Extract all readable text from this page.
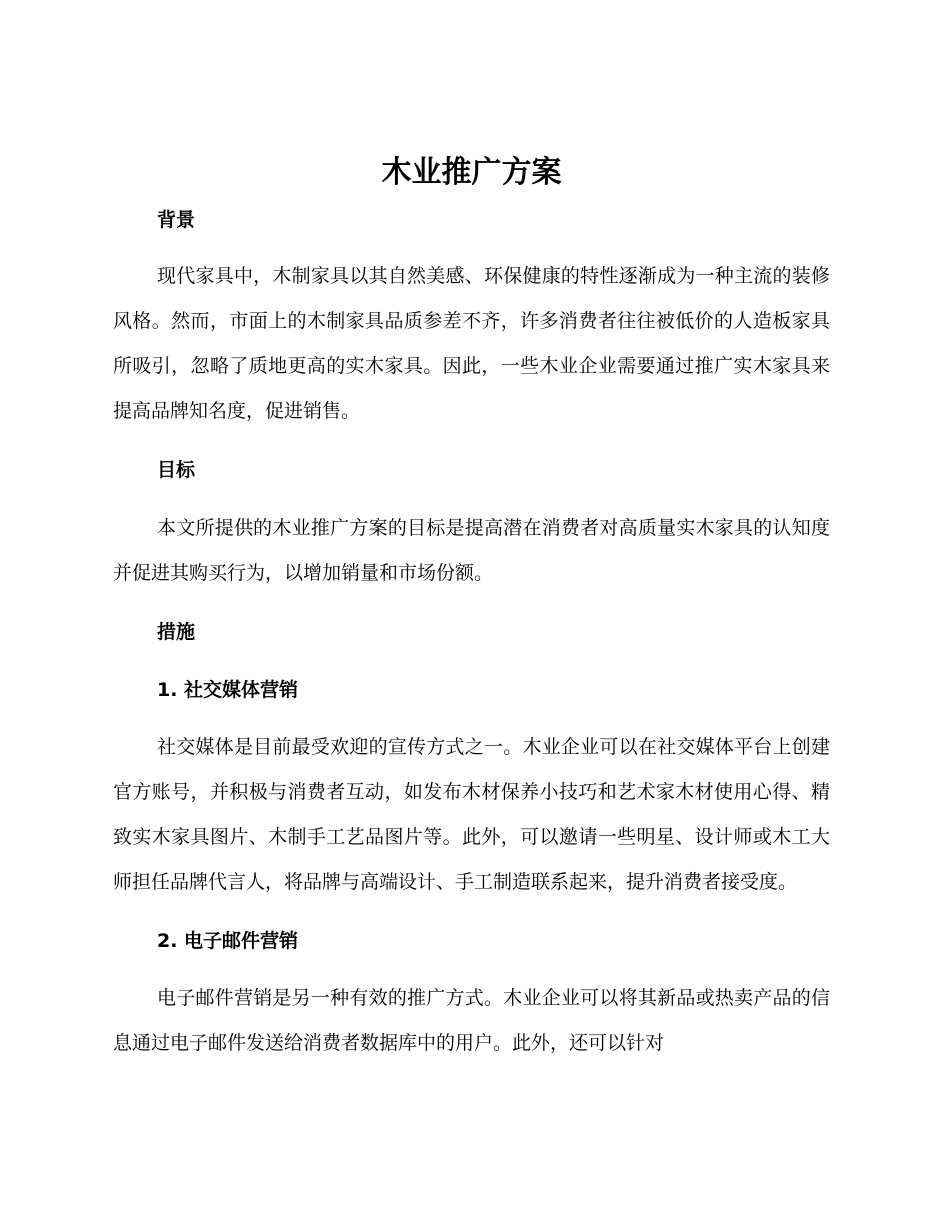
木业推广方案
背景

现代家具中，木制家具以其自然美感、环保健康的特性逐渐成为一种主流的装修风格。然而，市面上的木制家具品质参差不齐，许多消费者往往被低价的人造板家具所吸引，忽略了质地更高的实木家具。因此，一些木业企业需要通过推广实木家具来提高品牌知名度，促进销售。

目标

本文所提供的木业推广方案的目标是提高潜在消费者对高质量实木家具的认知度并促进其购买行为，以增加销量和市场份额。

措施
1. 社交媒体营销

社交媒体是目前最受欢迎的宣传方式之一。木业企业可以在社交媒体平台上创建官方账号，并积极与消费者互动，如发布木材保养小技巧和艺术家木材使用心得、精致实木家具图片、木制手工艺品图片等。此外，可以邀请一些明星、设计师或木工大师担任品牌代言人，将品牌与高端设计、手工制造联系起来，提升消费者接受度。

2. 电子邮件营销

电子邮件营销是另一种有效的推广方式。木业企业可以将其新品或热卖产品的信息通过电子邮件发送给消费者数据库中的用户。此外，还可以针对
